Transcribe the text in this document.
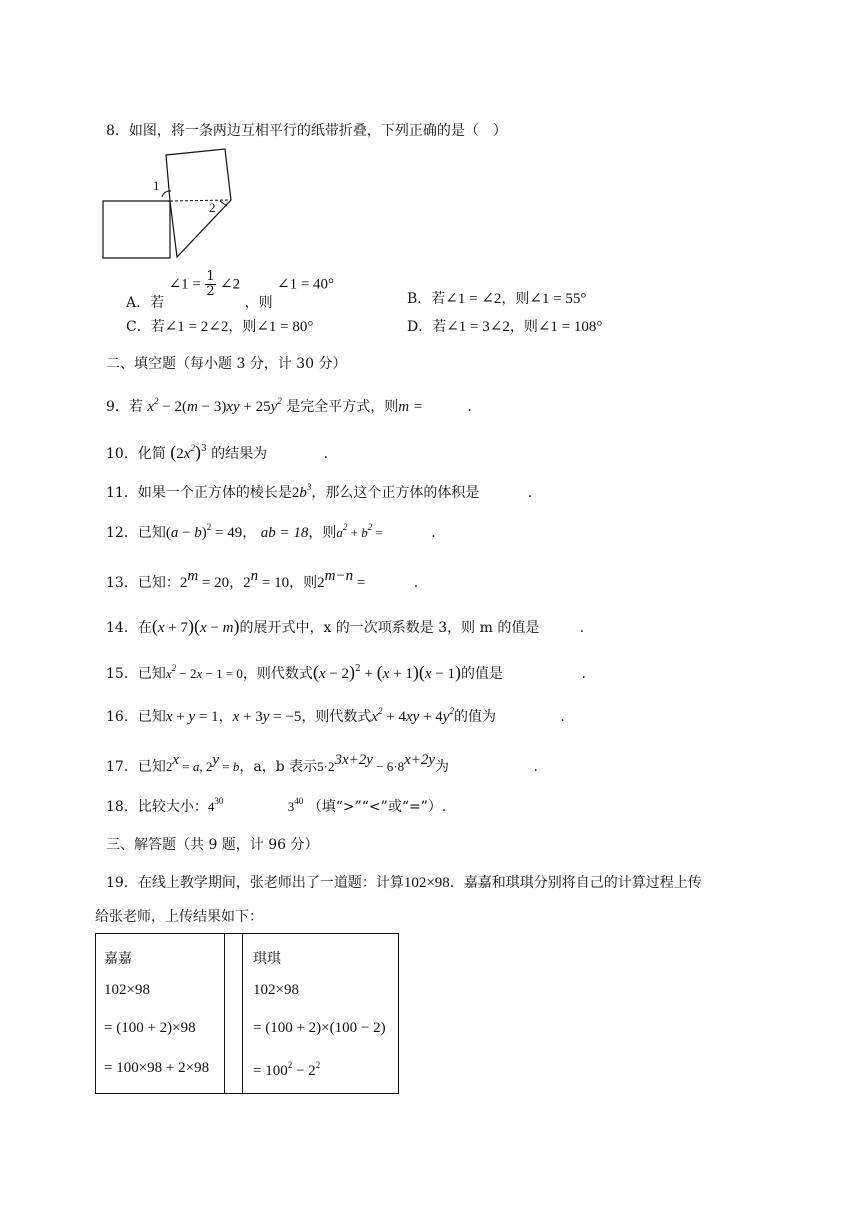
8．如图，将一条两边互相平行的纸带折叠，下列正确的是（　）
1
2
A．若 ∠1 = $\frac{1}{2}$ ∠2 ，则 ∠1 = 40°
B．若∠1 = ∠2，则∠1 = 55°
C．若∠1 = 2∠2，则∠1 = 80°	D．若∠1 = 3∠2，则∠1 = 108°
二、填空题（每小题 3 分，计 30 分）
9．若 $x^2 - 2(m - 3)xy + 25y^2$ 是完全平方式，则m =	.
10．化简 $(2x^2)^3$ 的结果为	.
11．如果一个正方体的棱长是$2b^3$，那么这个正方体的体积是	.
12．已知$(a - b)^2 = 49$， ab = 18，则$a^2 + b^2$ =	.
13．已知：$2^m = 20$，$2^n = 10$，则$2^{m-n}$ =	.
14．在(x + 7)(x − m)的展开式中，x 的一次项系数是 3，则 m 的值是	.
15．已知$x^2 - 2x - 1 = 0$，则代数式$(x - 2)^2 + (x + 1)(x - 1)$的值是	.
16．已知x + y = 1，x + 3y = −5，则代数式$x^2 + 4xy + 4y^2$的值为	.
17．已知$2^x = a$, $2^y = b$，a，b 表示$5\cdot 2^{3x+2y} - 6\cdot 8^{x+2y}$为	.
18．比较大小：$4^{30}$	$3^{40}$ （填“>”“<”或“=”）.
三、解答题（共 9 题，计 96 分）
19．在线上教学期间，张老师出了一道题：计算102×98．嘉嘉和琪琪分别将自己的计算过程上传
给张老师，上传结果如下：
嘉嘉
102×98
= (100 + 2)×98
= 100×98 + 2×98
琪琪
102×98
= (100 + 2)×(100 − 2)
= $100^2 - 2^2$
